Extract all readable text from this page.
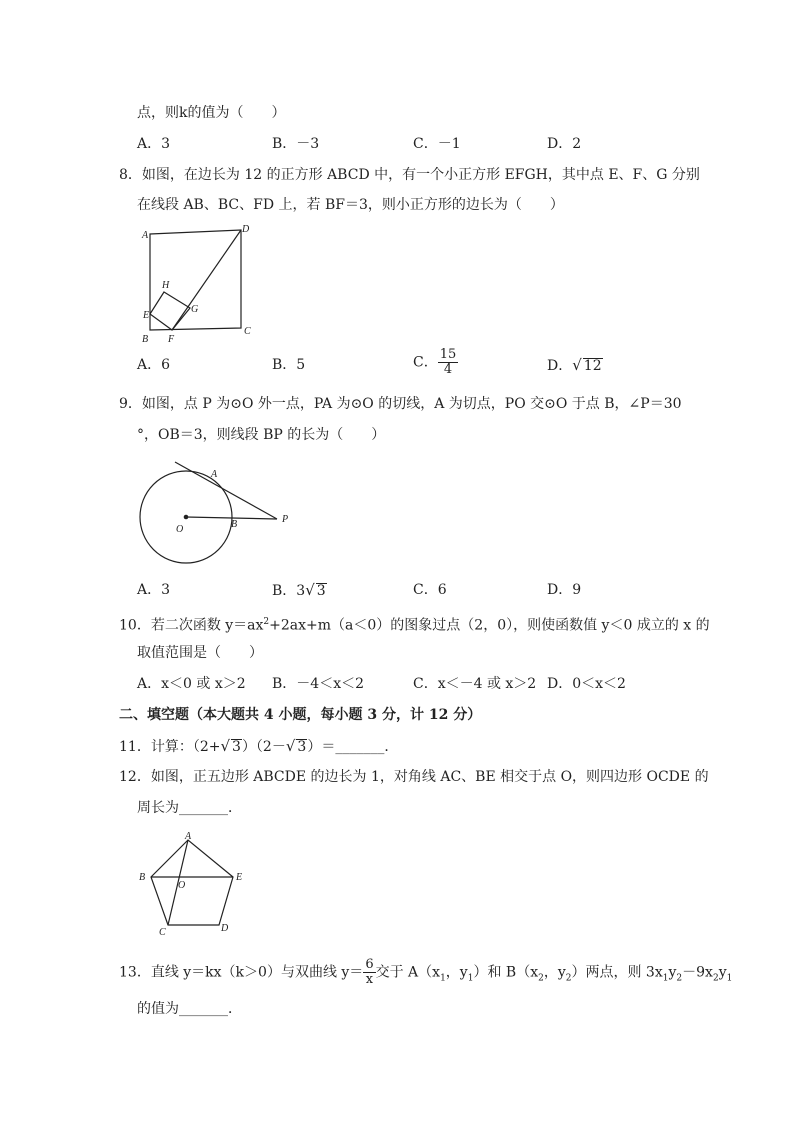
点，则k的值为（　　）
A．3	B．－3	C．－1	D．2
8．如图，在边长为 12 的正方形 ABCD 中，有一个小正方形 EFGH，其中点 E、F、G 分别
在线段 AB、BC、FD 上，若 BF＝3，则小正方形的边长为（　　）
A
D
H
G
E
B F
C
A．6	B．5	C． $\frac{15}{4}$	D．√ 12
9．如图，点 P 为⊙O 外一点，PA 为⊙O 的切线，A 为切点，PO 交⊙O 于点 B，∠P＝30
°，OB＝3，则线段 BP 的长为（　　）
A
O	B	P
A．3	B．3√ 3	C．6	D．9
10．若二次函数 $y=ax^2+2ax+m(a<0)$的图象过点（2，0），则使函数值 y＜0 成立的 x 的
取值范围是（　　）
A．x＜0 或 x＞2 B．－4＜x＜2	C．x＜－4 或 x＞2 D．0＜x＜2
二、填空题（本大题共 4 小题，每小题 3 分，计 12 分）
11．计算：（2+√ 3）（2－√ 3）＝_______．
12．如图，正五边形 ABCDE 的边长为 1，对角线 AC、BE 相交于点 O，则四边形 OCDE 的
周长为_______．
A
B
O
E
C	D
13．直线 y＝kx（k＞0）与双曲线 $y= \frac{6}{x}$ 交于 $A(x_1$，$y_1$）和 $B(x_2$，$y_2$）两点，则 $3x_1y_2-9x_2y_1$
的值为_______．
